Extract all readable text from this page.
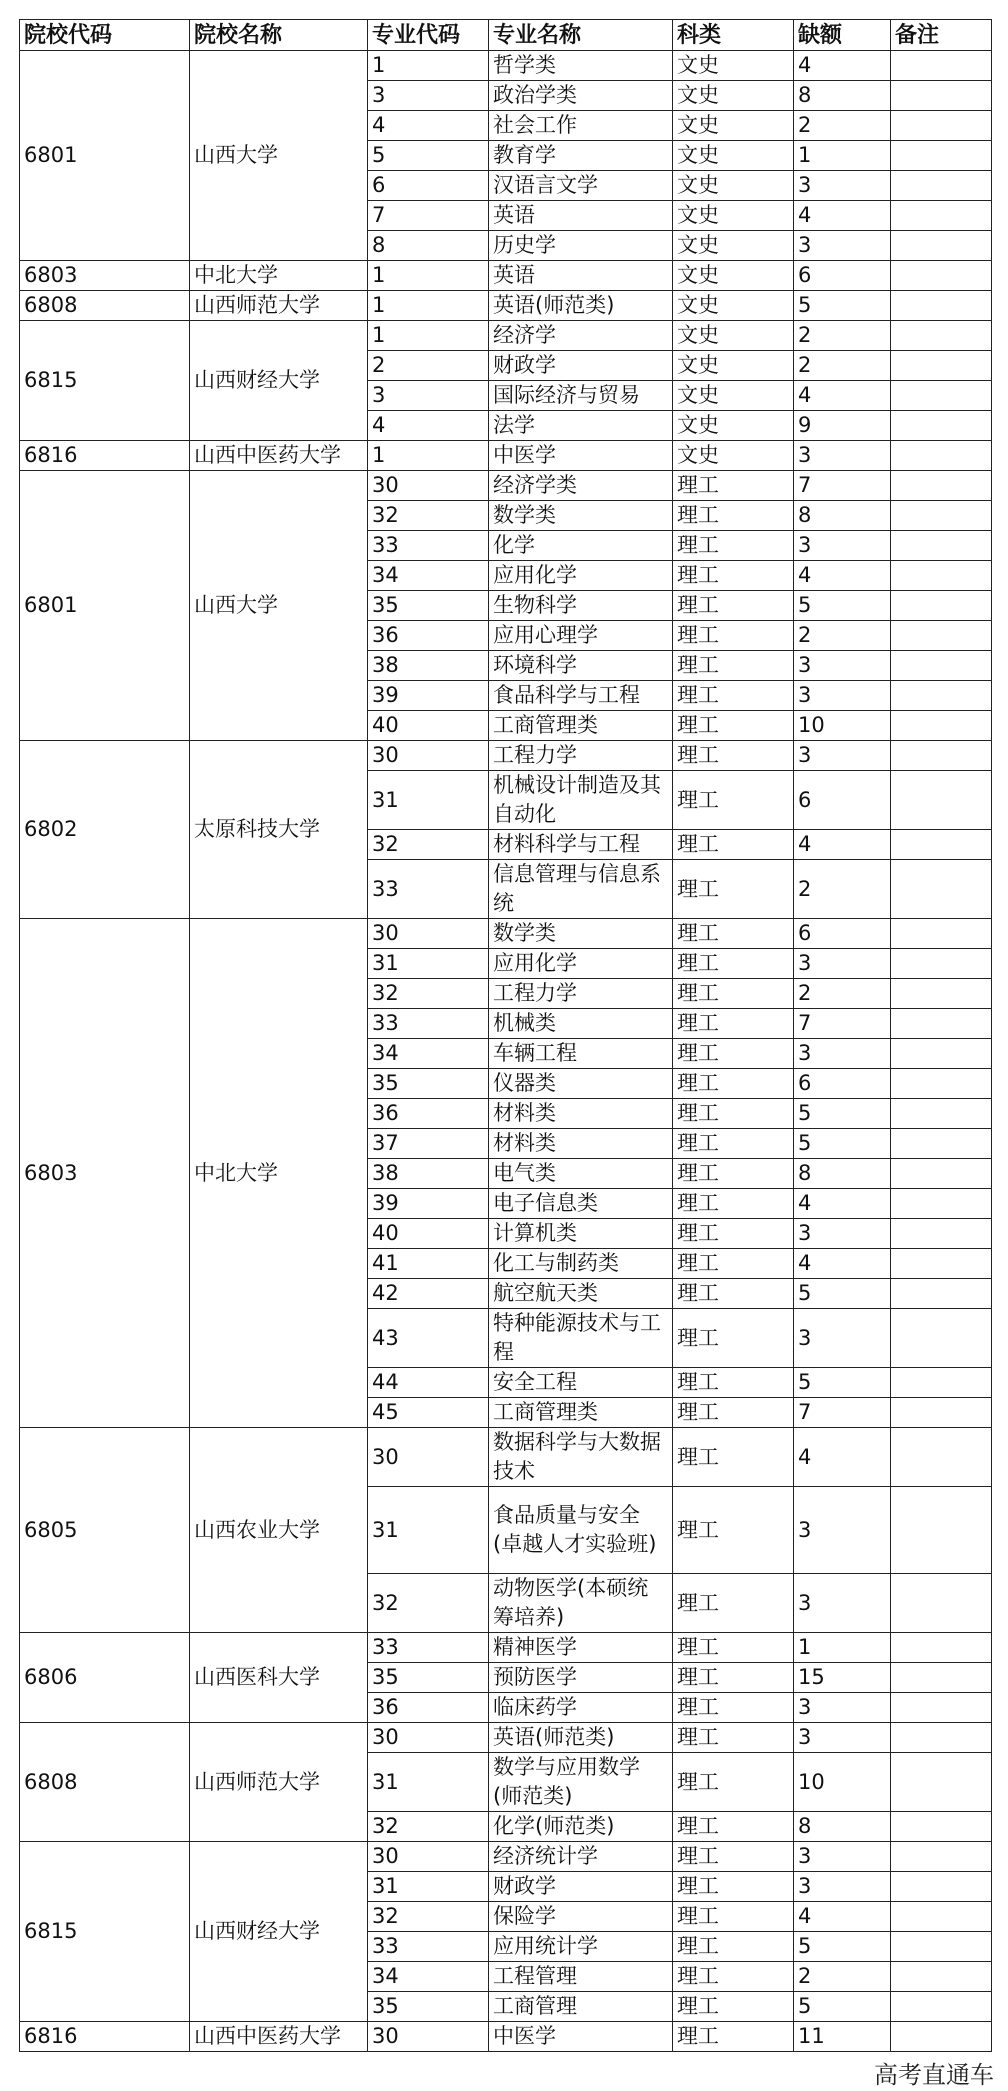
院校代码	院校名称	专业代码	专业名称	科类	缺额	备注
6801	山西大学	1	哲学类	文史	4	
		3	政治学类	文史	8	
		4	社会工作	文史	2	
		5	教育学	文史	1	
		6	汉语言文学	文史	3	
		7	英语	文史	4	
		8	历史学	文史	3	
6803	中北大学	1	英语	文史	6	
6808	山西师范大学	1	英语(师范类)	文史	5	
6815	山西财经大学	1	经济学	文史	2	
		2	财政学	文史	2	
		3	国际经济与贸易	文史	4	
		4	法学	文史	9	
6816	山西中医药大学	1	中医学	文史	3	
6801	山西大学	30	经济学类	理工	7	
		32	数学类	理工	8	
		33	化学	理工	3	
		34	应用化学	理工	4	
		35	生物科学	理工	5	
		36	应用心理学	理工	2	
		38	环境科学	理工	3	
		39	食品科学与工程	理工	3	
		40	工商管理类	理工	10	
6802	太原科技大学	30	工程力学	理工	3	
		31	机械设计制造及其自动化	理工	6	
		32	材料科学与工程	理工	4	
		33	信息管理与信息系统	理工	2	
6803	中北大学	30	数学类	理工	6	
		31	应用化学	理工	3	
		32	工程力学	理工	2	
		33	机械类	理工	7	
		34	车辆工程	理工	3	
		35	仪器类	理工	6	
		36	材料类	理工	5	
		37	材料类	理工	5	
		38	电气类	理工	8	
		39	电子信息类	理工	4	
		40	计算机类	理工	3	
		41	化工与制药类	理工	4	
		42	航空航天类	理工	5	
		43	特种能源技术与工程	理工	3	
		44	安全工程	理工	5	
		45	工商管理类	理工	7	
6805	山西农业大学	30	数据科学与大数据技术	理工	4	
		31	食品质量与安全(卓越人才实验班)	理工	3	
		32	动物医学(本硕统筹培养)	理工	3	
6806	山西医科大学	33	精神医学	理工	1	
		35	预防医学	理工	15	
		36	临床药学	理工	3	
6808	山西师范大学	30	英语(师范类)	理工	3	
		31	数学与应用数学(师范类)	理工	10	
		32	化学(师范类)	理工	8	
6815	山西财经大学	30	经济统计学	理工	3	
		31	财政学	理工	3	
		32	保险学	理工	4	
		33	应用统计学	理工	5	
		34	工程管理	理工	2	
		35	工商管理	理工	5	
6816	山西中医药大学	30	中医学	理工	11	
高考直通车
